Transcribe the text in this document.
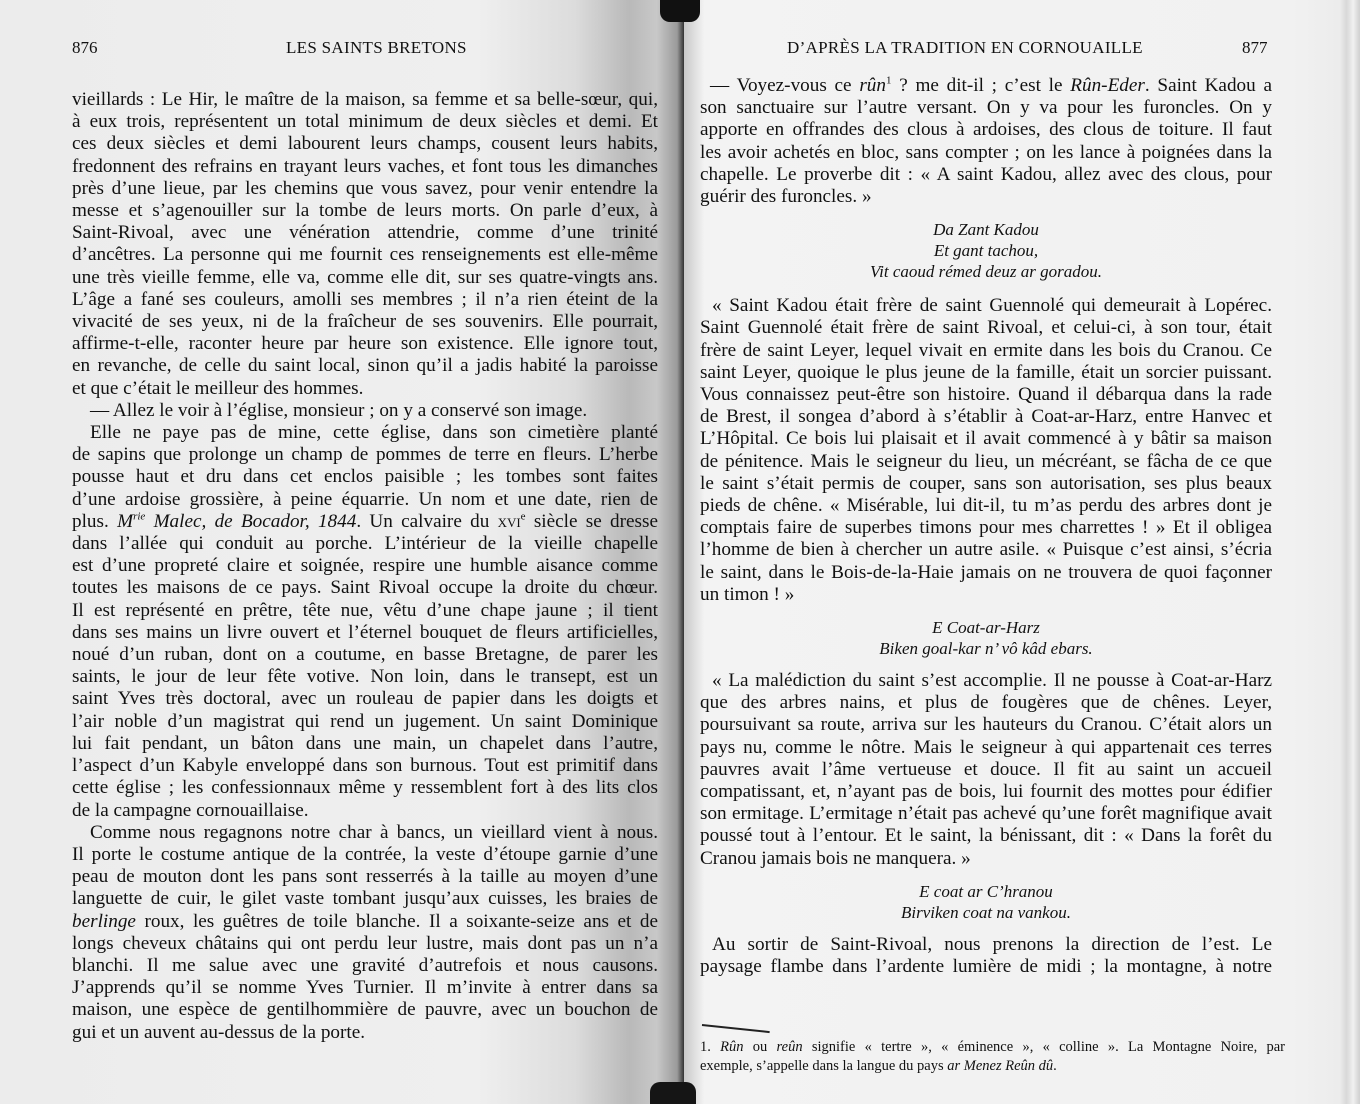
876	LES SAINTS BRETONS
vieillards : Le Hir, le maître de la maison, sa femme et sa belle-sœur, qui,
à eux trois, représentent un total minimum de deux siècles et demi. Et
ces deux siècles et demi labourent leurs champs, cousent leurs habits,
fredonnent des refrains en trayant leurs vaches, et font tous les dimanches
près d’une lieue, par les chemins que vous savez, pour venir entendre la
messe et s’agenouiller sur la tombe de leurs morts. On parle d’eux, à
Saint-Rivoal, avec une vénération attendrie, comme d’une trinité
d’ancêtres. La personne qui me fournit ces renseignements est elle-même
une très vieille femme, elle va, comme elle dit, sur ses quatre-vingts ans.
L’âge a fané ses couleurs, amolli ses membres ; il n’a rien éteint de la
vivacité de ses yeux, ni de la fraîcheur de ses souvenirs. Elle pourrait,
affirme-t-elle, raconter heure par heure son existence. Elle ignore tout,
en revanche, de celle du saint local, sinon qu’il a jadis habité la paroisse
et que c’était le meilleur des hommes.
— Allez le voir à l’église, monsieur ; on y a conservé son image.
Elle ne paye pas de mine, cette église, dans son cimetière planté
de sapins que prolonge un champ de pommes de terre en fleurs. L’herbe
pousse haut et dru dans cet enclos paisible ; les tombes sont faites
d’une ardoise grossière, à peine équarrie. Un nom et une date, rien de
plus. $M^{rie}$ Malec, de Bocador, 1844. Un calvaire du xvi$^e$ siècle se dresse
dans l’allée qui conduit au porche. L’intérieur de la vieille chapelle
est d’une propreté claire et soignée, respire une humble aisance comme
toutes les maisons de ce pays. Saint Rivoal occupe la droite du chœur.
Il est représenté en prêtre, tête nue, vêtu d’une chape jaune ; il tient
dans ses mains un livre ouvert et l’éternel bouquet de fleurs artificielles,
noué d’un ruban, dont on a coutume, en basse Bretagne, de parer les
saints, le jour de leur fête votive. Non loin, dans le transept, est un
saint Yves très doctoral, avec un rouleau de papier dans les doigts et
l’air noble d’un magistrat qui rend un jugement. Un saint Dominique
lui fait pendant, un bâton dans une main, un chapelet dans l’autre,
l’aspect d’un Kabyle enveloppé dans son burnous. Tout est primitif dans
cette église ; les confessionnaux même y ressemblent fort à des lits clos
de la campagne cornouaillaise.
Comme nous regagnons notre char à bancs, un vieillard vient à nous.
Il porte le costume antique de la contrée, la veste d’étoupe garnie d’une
peau de mouton dont les pans sont resserrés à la taille au moyen d’une
languette de cuir, le gilet vaste tombant jusqu’aux cuisses, les braies de
berlinge roux, les guêtres de toile blanche. Il a soixante-seize ans et de
longs cheveux châtains qui ont perdu leur lustre, mais dont pas un n’a
blanchi. Il me salue avec une gravité d’autrefois et nous causons.
J’apprends qu’il se nomme Yves Turnier. Il m’invite à entrer dans sa
maison, une espèce de gentilhommière de pauvre, avec un bouchon de
gui et un auvent au-dessus de la porte.
D’APRÈS LA TRADITION EN CORNOUAILLE	877

— Voyez-vous ce rûn$^1$ ? me dit-il ; c’est le Rûn-Eder. Saint Kadou a
son sanctuaire sur l’autre versant. On y va pour les furoncles. On y
apporte en offrandes des clous à ardoises, des clous de toiture. Il faut
les avoir achetés en bloc, sans compter ; on les lance à poignées dans la
chapelle. Le proverbe dit : « A saint Kadou, allez avec des clous, pour
guérir des furoncles. »

Da Zant Kadou
Et gant tachou,
Vit caoud rémed deuz ar goradou.

« Saint Kadou était frère de saint Guennolé qui demeurait à Lopérec.
Saint Guennolé était frère de saint Rivoal, et celui-ci, à son tour, était
frère de saint Leyer, lequel vivait en ermite dans les bois du Cranou. Ce
saint Leyer, quoique le plus jeune de la famille, était un sorcier puissant.
Vous connaissez peut-être son histoire. Quand il débarqua dans la rade
de Brest, il songea d’abord à s’établir à Coat-ar-Harz, entre Hanvec et
L’Hôpital. Ce bois lui plaisait et il avait commencé à y bâtir sa maison
de pénitence. Mais le seigneur du lieu, un mécréant, se fâcha de ce que
le saint s’était permis de couper, sans son autorisation, ses plus beaux
pieds de chêne. « Misérable, lui dit-il, tu m’as perdu des arbres dont je
comptais faire de superbes timons pour mes charrettes ! » Et il obligea
l’homme de bien à chercher un autre asile. « Puisque c’est ainsi, s’écria
le saint, dans le Bois-de-la-Haie jamais on ne trouvera de quoi façonner
un timon ! »

E Coat-ar-Harz
Biken goal-kar n’ vô kâd ebars.

« La malédiction du saint s’est accomplie. Il ne pousse à Coat-ar-Harz
que des arbres nains, et plus de fougères que de chênes. Leyer,
poursuivant sa route, arriva sur les hauteurs du Cranou. C’était alors un
pays nu, comme le nôtre. Mais le seigneur à qui appartenait ces terres
pauvres avait l’âme vertueuse et douce. Il fit au saint un accueil
compatissant, et, n’ayant pas de bois, lui fournit des mottes pour édifier
son ermitage. L’ermitage n’était pas achevé qu’une forêt magnifique avait
poussé tout à l’entour. Et le saint, la bénissant, dit : « Dans la forêt du
Cranou jamais bois ne manquera. »

E coat ar C’hranou
Birviken coat na vankou.

Au sortir de Saint-Rivoal, nous prenons la direction de l’est. Le
paysage flambe dans l’ardente lumière de midi ; la montagne, à notre

1. Rûn ou reûn signifie « tertre », « éminence », « colline ». La Montagne Noire, par
exemple, s’appelle dans la langue du pays ar Menez Reûn dû.
